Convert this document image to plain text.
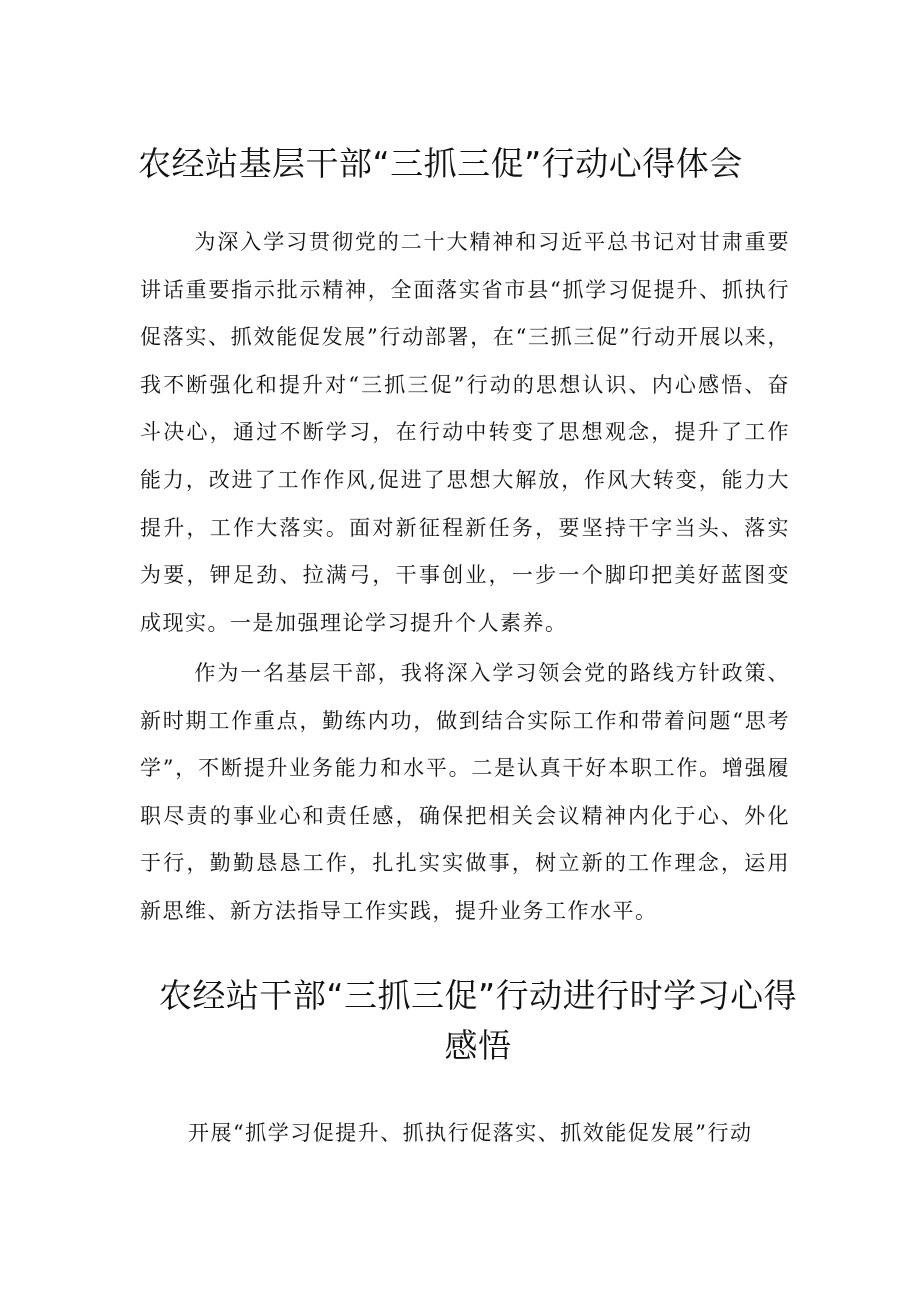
农经站基层干部“三抓三促”行动心得体会

为深入学习贯彻党的二十大精神和习近平总书记对甘肃重要讲话重要指示批示精神，全面落实省市县“抓学习促提升、抓执行促落实、抓效能促发展”行动部署，在“三抓三促”行动开展以来，我不断强化和提升对“三抓三促”行动的思想认识、内心感悟、奋斗决心，通过不断学习，在行动中转变了思想观念，提升了工作能力，改进了工作作风,促进了思想大解放，作风大转变，能力大提升，工作大落实。面对新征程新任务，要坚持干字当头、落实为要，钾足劲、拉满弓，干事创业，一步一个脚印把美好蓝图变成现实。一是加强理论学习提升个人素养。

作为一名基层干部，我将深入学习领会党的路线方针政策、新时期工作重点，勤练内功，做到结合实际工作和带着问题“思考学”，不断提升业务能力和水平。二是认真干好本职工作。增强履职尽责的事业心和责任感，确保把相关会议精神内化于心、外化于行，勤勤恳恳工作，扎扎实实做事，树立新的工作理念，运用新思维、新方法指导工作实践，提升业务工作水平。

农经站干部“三抓三促”行动进行时学习心得
感悟

开展“抓学习促提升、抓执行促落实、抓效能促发展”行动
